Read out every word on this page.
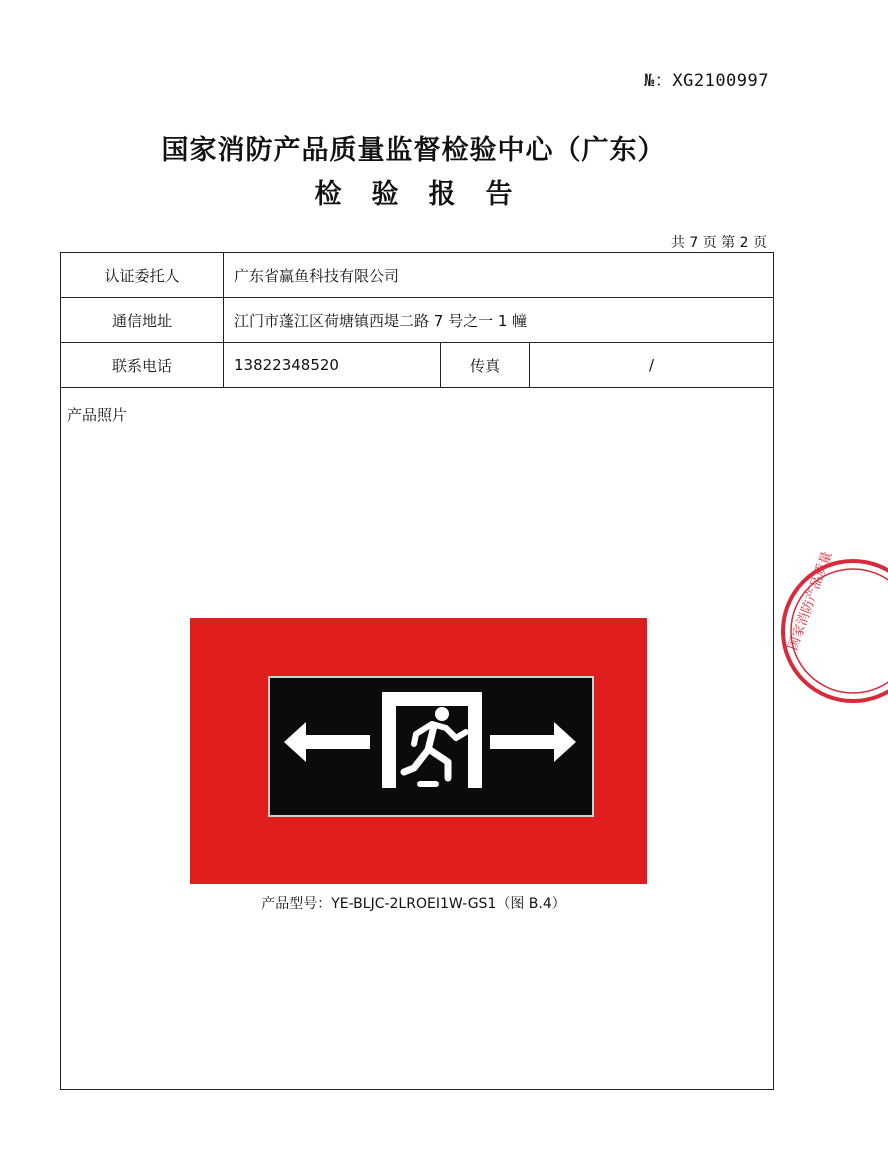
№：XG2100997
国家消防产品质量监督检验中心（广东）
检验报告
共 7 页 第 2 页
认证委托人	广东省赢鱼科技有限公司		
通信地址	江门市蓬江区荷塘镇西堤二路 7 号之一 1 幢		
联系电话	13822348520	传真	/
产品照片
产品型号：YE-BLJC-2LROEⅠ1W-GS1（图 B.4）
国家消防产品质量
